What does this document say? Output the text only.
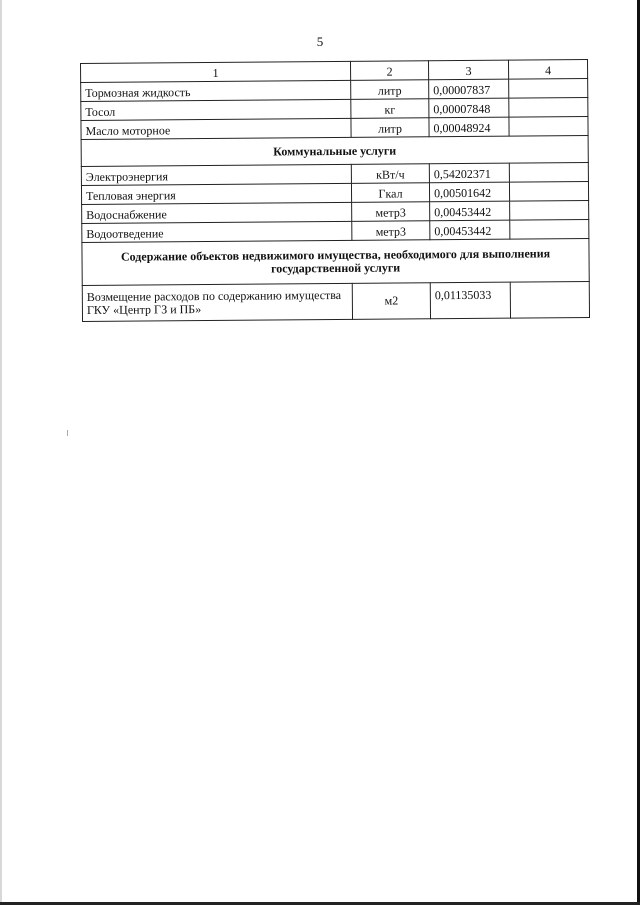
5
1	2	3	4
Тормозная жидкость	литр	0,00007837	
Тосол	кг	0,00007848	
Масло моторное	литр	0,00048924	
Коммунальные услуги			
Электроэнергия	кВт/ч	0,54202371	
Тепловая энергия	Гкал	0,00501642	
Водоснабжение	метр3	0,00453442	
Водоотведение	метр3	0,00453442	
Содержание объектов недвижимого имущества, необходимого для выполнения государственной услуги			
Возмещение расходов по содержанию имущества ГКУ «Центр ГЗ и ПБ»	м2	0,01135033	
